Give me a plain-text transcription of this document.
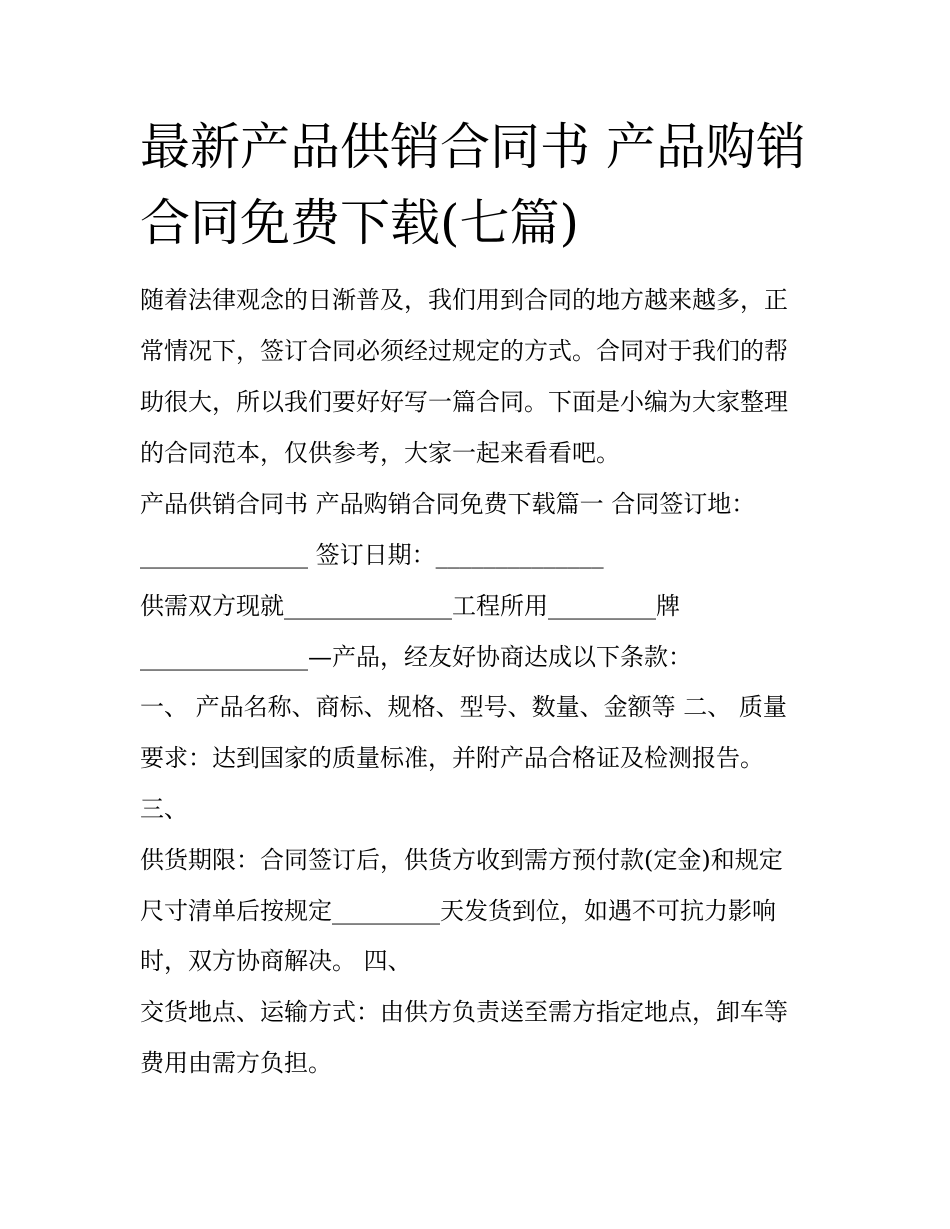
最新产品供销合同书 产品购销
合同免费下载(七篇)
随着法律观念的日渐普及，我们用到合同的地方越来越多，正
常情况下，签订合同必须经过规定的方式。合同对于我们的帮
助很大，所以我们要好好写一篇合同。下面是小编为大家整理
的合同范本，仅供参考，大家一起来看看吧。
产品供销合同书 产品购销合同免费下载篇一 合同签订地：
______________ 签订日期：______________
供需双方现就______________工程所用_________牌
______________—产品，经友好协商达成以下条款：
一、 产品名称、商标、规格、型号、数量、金额等 二、 质量
要求：达到国家的质量标准，并附产品合格证及检测报告。
三、
供货期限：合同签订后，供货方收到需方预付款(定金)和规定
尺寸清单后按规定_________天发货到位，如遇不可抗力影响
时，双方协商解决。 四、
交货地点、运输方式：由供方负责送至需方指定地点，卸车等
费用由需方负担。
